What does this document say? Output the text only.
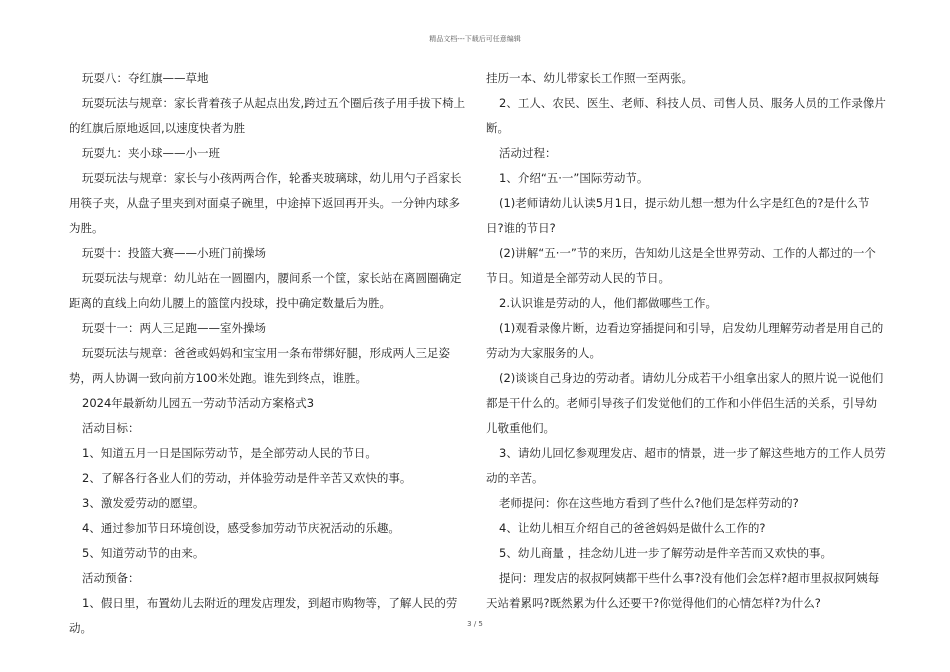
精品文档---下载后可任意编辑

玩耍八：夺红旗——草地

玩耍玩法与规章：家长背着孩子从起点出发,跨过五个圈后孩子用手拔下椅上的红旗后原地返回,以速度快者为胜

玩耍九：夹小球——小一班

玩耍玩法与规章：家长与小孩两两合作，轮番夹玻璃球，幼儿用勺子舀家长用筷子夹，从盘子里夹到对面桌子碗里，中途掉下返回再开头。一分钟内球多为胜。

玩耍十：投篮大赛——小班门前操场

玩耍玩法与规章：幼儿站在一圆圈内，腰间系一个筐，家长站在离圆圈确定距离的直线上向幼儿腰上的篮筐内投球，投中确定数量后为胜。

玩耍十一：两人三足跑——室外操场

玩耍玩法与规章：爸爸或妈妈和宝宝用一条布带绑好腿，形成两人三足姿势，两人协调一致向前方100米处跑。谁先到终点，谁胜。

2024年最新幼儿园五一劳动节活动方案格式3

活动目标：

1、知道五月一日是国际劳动节，是全部劳动人民的节日。

2、了解各行各业人们的劳动，并体验劳动是件辛苦又欢快的事。

3、激发爱劳动的愿望。

4、通过参加节日环境创设，感受参加劳动节庆祝活动的乐趣。

5、知道劳动节的由来。

活动预备：

1、假日里，布置幼儿去附近的理发店理发，到超市购物等，了解人民的劳动。

挂历一本、幼儿带家长工作照一至两张。

2、工人、农民、医生、老师、科技人员、司售人员、服务人员的工作录像片断。

活动过程：

1、介绍“五·一”国际劳动节。

(1)老师请幼儿认读5月1日，提示幼儿想一想为什么字是红色的?是什么节日?谁的节日?

(2)讲解“五·一”节的来历，告知幼儿这是全世界劳动、工作的人都过的一个节日。知道是全部劳动人民的节日。

2.认识谁是劳动的人，他们都做哪些工作。

(1)观看录像片断，边看边穿插提问和引导，启发幼儿理解劳动者是用自己的劳动为大家服务的人。

(2)谈谈自己身边的劳动者。请幼儿分成若干小组拿出家人的照片说一说他们都是干什么的。老师引导孩子们发觉他们的工作和小伴侣生活的关系，引导幼儿敬重他们。

3、请幼儿回忆参观理发店、超市的情景，进一步了解这些地方的工作人员劳动的辛苦。

老师提问：你在这些地方看到了些什么?他们是怎样劳动的?

4、让幼儿相互介绍自己的爸爸妈妈是做什么工作的?

5、幼儿商量 ，挂念幼儿进一步了解劳动是件辛苦而又欢快的事。

提问：理发店的叔叔阿姨都干些什么事?没有他们会怎样?超市里叔叔阿姨每天站着累吗?既然累为什么还要干?你觉得他们的心情怎样?为什么?

3 / 5
